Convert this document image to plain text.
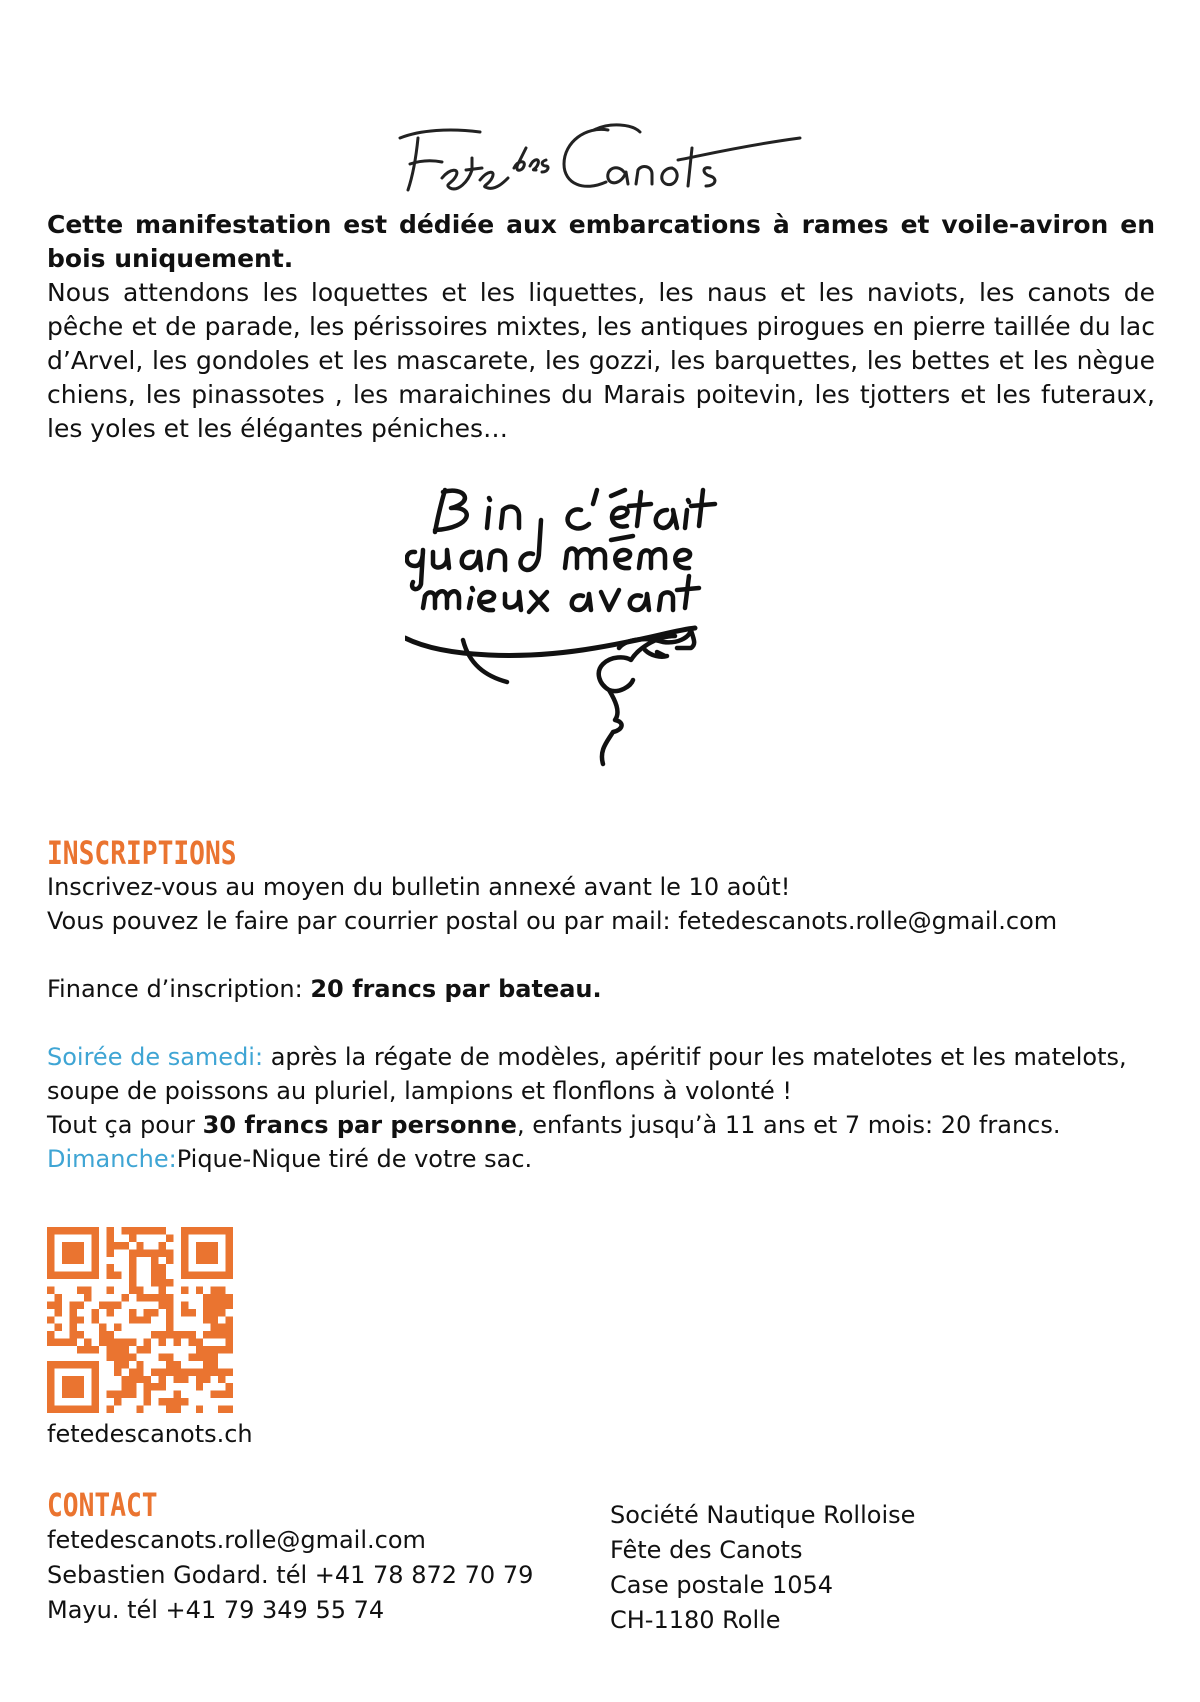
Cette manifestation est dédiée aux embarcations à rames et voile-aviron en bois uniquement.
Nous attendons les loquettes et les liquettes, les naus et les naviots, les canots de pêche et de parade, les périssoires mixtes, les antiques pirogues en pierre taillée du lac d’Arvel, les gondoles et les mascarete, les gozzi, les barquettes, les bettes et les nègue chiens, les pinassotes , les maraichines du Marais poitevin, les tjotters et les futeraux, les yoles et les élégantes péniches…
INSCRIPTIONS

Inscrivez-vous au moyen du bulletin annexé avant le 10 août!

Vous pouvez le faire par courrier postal ou par mail: fetedescanots.rolle@gmail.com

Finance d’inscription: 20 francs par bateau.

Soirée de samedi: après la régate de modèles, apéritif pour les matelotes et les matelots,

soupe de poissons au pluriel, lampions et flonflons à volonté !

Tout ça pour 30 francs par personne, enfants jusqu’à 11 ans et 7 mois: 20 francs.

Dimanche:Pique-Nique tiré de votre sac.

fetedescanots.ch
CONTACT

fetedescanots.rolle@gmail.com

Sebastien Godard. tél +41 78 872 70 79

Mayu. tél +41 79 349 55 74

Société Nautique Rolloise

Fête des Canots

Case postale 1054

CH-1180 Rolle
